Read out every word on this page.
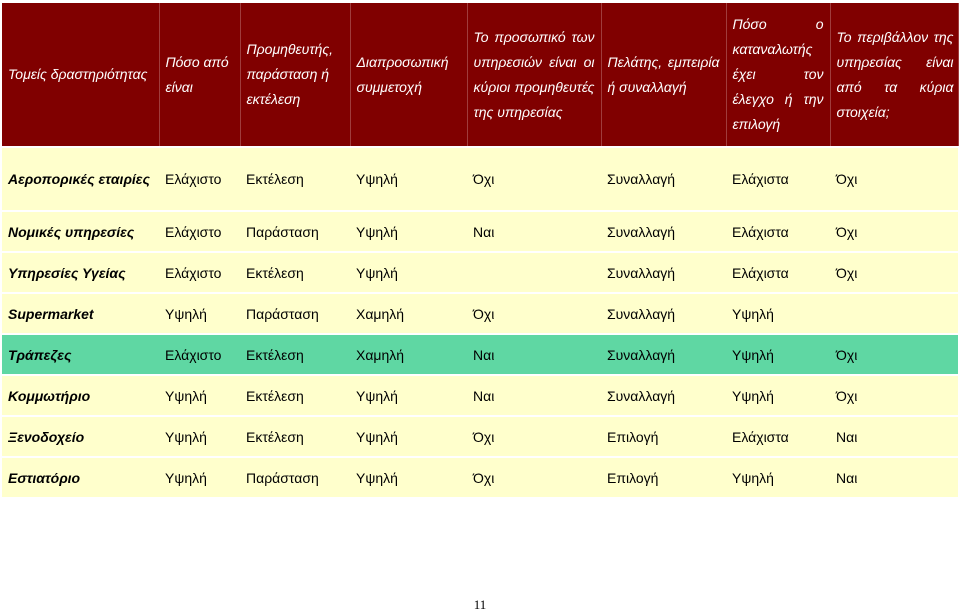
Τομείς δραστηριότητας	Πόσο από είναι	Προμηθευτής, παράσταση ή εκτέλεση	Διαπροσωπική συμμετοχή	Το προσωπικό των υπηρεσιών είναι οι κύριοι προμηθευτές της υπηρεσίας	Πελάτης, εμπειρία ή συναλλαγή	Πόσο ο καταναλωτής έχει τον έλεγχο ή την επιλογή	Το περιβάλλον της υπηρεσίας είναι από τα κύρια στοιχεία;

Αεροπορικές εταιρίες	Ελάχιστο	Εκτέλεση	Υψηλή	Όχι	Συναλλαγή	Ελάχιστα	Όχι

Νομικές υπηρεσίες	Ελάχιστο	Παράσταση	Υψηλή	Ναι	Συναλλαγή	Ελάχιστα	Όχι

Υπηρεσίες Υγείας	Ελάχιστο	Εκτέλεση	Υψηλή		Συναλλαγή	Ελάχιστα	Όχι

Supermarket	Υψηλή	Παράσταση	Χαμηλή	Όχι	Συναλλαγή	Υψηλή	

Τράπεζες	Ελάχιστο	Εκτέλεση	Χαμηλή	Ναι	Συναλλαγή	Υψηλή	Όχι

Κομμωτήριο	Υψηλή	Εκτέλεση	Υψηλή	Ναι	Συναλλαγή	Υψηλή	Όχι

Ξενοδοχείο	Υψηλή	Εκτέλεση	Υψηλή	Όχι	Επιλογή	Ελάχιστα	Ναι

Εστιατόριο	Υψηλή	Παράσταση	Υψηλή	Όχι	Επιλογή	Υψηλή	Ναι
11
